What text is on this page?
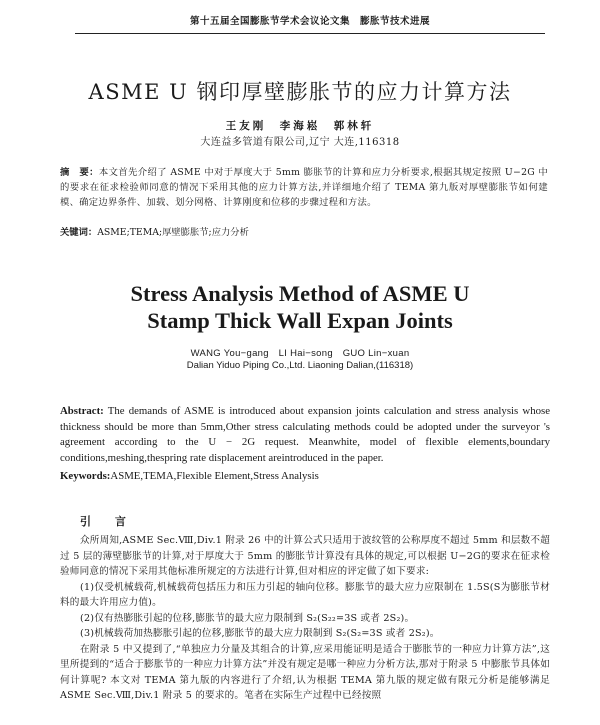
第十五届全国膨胀节学术会议论文集　膨胀节技术进展
ASME U 钢印厚壁膨胀节的应力计算方法
王友刚　李海崧　郭林轩
大连益多管道有限公司,辽宁 大连,116318
摘　要：本文首先介绍了 ASME 中对于厚度大于 5mm 膨胀节的计算和应力分析要求,根据其规定按照 U−2G 中的要求在征求检验师同意的情况下采用其他的应力计算方法,并详细地介绍了 TEMA 第九版对厚壁膨胀节如何建模、确定边界条件、加载、划分网格、计算刚度和位移的步骤过程和方法。
关键词：ASME;TEMA;厚壁膨胀节;应力分析
Stress Analysis Method of ASME U
Stamp Thick Wall Expan Joints
WANG You−gang　LI Hai−song　GUO Lin−xuan
Dalian Yiduo Piping Co.,Ltd. Liaoning Dalian,(116318)
Abstract: The demands of ASME is introduced about expansion joints calculation and stress analysis whose thickness should be more than 5mm,Other stress calculating methods could be adopted under the surveyor 's agreement according to the U − 2G request. Meanwhite, model of flexible elements,boundary conditions,meshing,thespring rate displacement areintroduced in the paper.
Keywords:ASME,TEMA,Flexible Element,Stress Analysis
引 言

众所周知,ASME Sec.Ⅷ,Div.1 附录 26 中的计算公式只适用于波纹管的公称厚度不超过 5mm 和层数不超过 5 层的薄壁膨胀节的计算,对于厚度大于 5mm 的膨胀节计算没有具体的规定,可以根据 U−2G的要求在征求检验师同意的情况下采用其他标准所规定的方法进行计算,但对相应的评定做了如下要求:

(1)仅受机械载荷,机械载荷包括压力和压力引起的轴向位移。膨胀节的最大应力应限制在 1.5S(S为膨胀节材料的最大许用应力值)。

(2)仅有热膨胀引起的位移,膨胀节的最大应力限制到 S₂(S₂₂=3S 或者 2S₂)。

(3)机械载荷加热膨胀引起的位移,膨胀节的最大应力限制到 S₂(S₂=3S 或者 2S₂)。

在附录 5 中又提到了,“单独应力分量及其组合的计算,应采用能证明是适合于膨胀节的一种应力计算方法”,这里所提到的“适合于膨胀节的一种应力计算方法”并没有规定是哪一种应力分析方法,那对于附录 5 中膨胀节具体如何计算呢? 本文对 TEMA 第九版的内容进行了介绍,认为根据 TEMA 第九版的规定做有限元分析是能够满足 ASME Sec.Ⅷ,Div.1 附录 5 的要求的。笔者在实际生产过程中已经按照
